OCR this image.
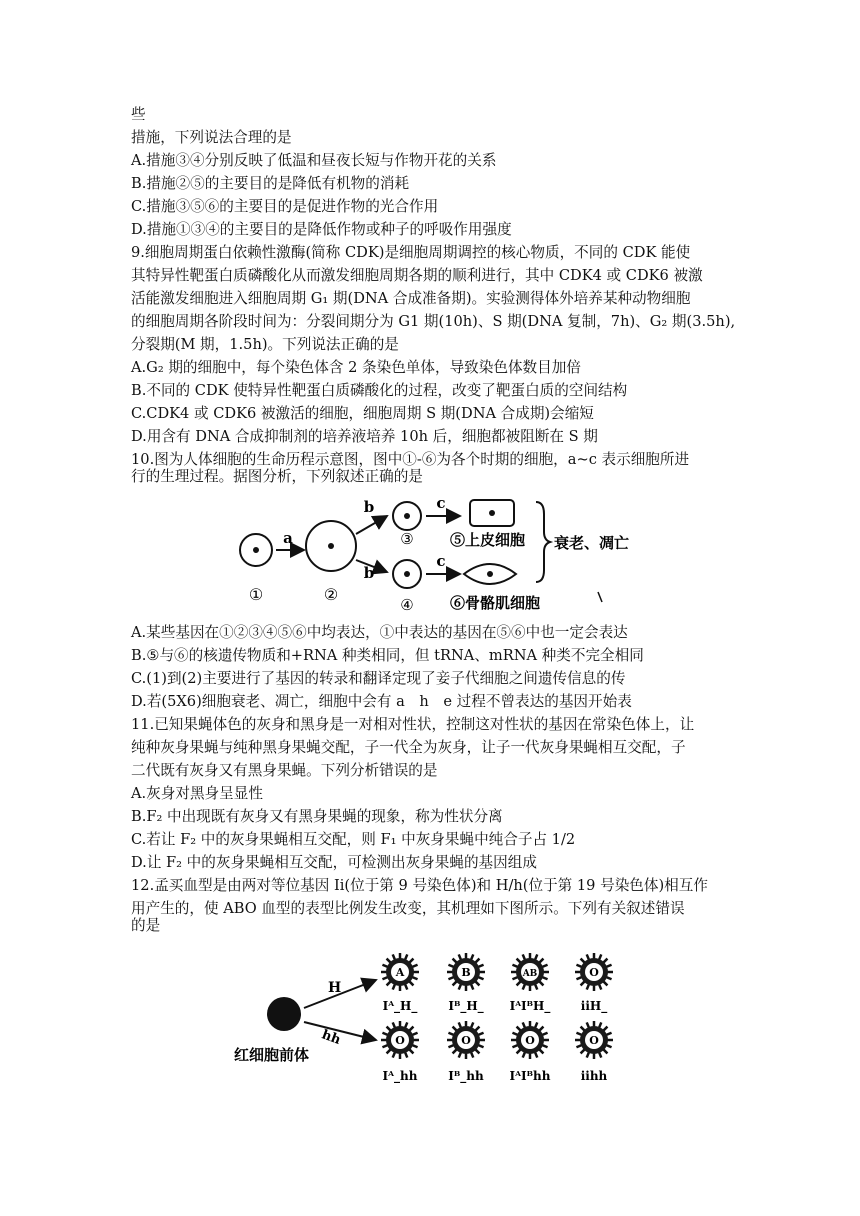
些
措施，下列说法合理的是
A.措施③④分别反映了低温和昼夜长短与作物开花的关系
B.措施②⑤的主要目的是降低有机物的消耗
C.措施③⑤⑥的主要目的是促进作物的光合作用
D.措施①③④的主要目的是降低作物或种子的呼吸作用强度
9.细胞周期蛋白依赖性激酶(简称 CDK)是细胞周期调控的核心物质，不同的 CDK 能使
其特异性靶蛋白质磷酸化从而激发细胞周期各期的顺利进行，其中 CDK4 或 CDK6 被激
活能激发细胞进入细胞周期 G₁ 期(DNA 合成准备期)。实验测得体外培养某种动物细胞
的细胞周期各阶段时间为：分裂间期分为 G1 期(10h)、S 期(DNA 复制，7h)、G₂ 期(3.5h),
分裂期(M 期，1.5h)。下列说法正确的是
A.G₂ 期的细胞中，每个染色体含 2 条染色单体，导致染色体数目加倍
B.不同的 CDK 使特异性靶蛋白质磷酸化的过程，改变了靶蛋白质的空间结构
C.CDK4 或 CDK6 被激活的细胞，细胞周期 S 期(DNA 合成期)会缩短
D.用含有 DNA 合成抑制剂的培养液培养 10h 后，细胞都被阻断在 S 期
10.图为人体细胞的生命历程示意图，图中①-⑥为各个时期的细胞，a~c 表示细胞所进
行的生理过程。据图分析，下列叙述正确的是
①
a
②
b
b
③
④
c
c
⑤上皮细胞
⑥骨骼肌细胞
衰老、凋亡
A.某些基因在①②③④⑤⑥中均表达，①中表达的基因在⑤⑥中也一定会表达
B.⑤与⑥的核遗传物质和+RNA 种类相同，但 tRNA、mRNA 种类不完全相同
C.(1)到(2)主要进行了基因的转录和翻译定现了妾子代细胞之间遗传信息的传
D.若(5X6)细胞衰老、凋亡，细胞中会有 a　h　e 过程不曾表达的基因开始表
11.已知果蝇体色的灰身和黑身是一对相对性状，控制这对性状的基因在常染色体上，让
纯种灰身果蝇与纯种黑身果蝇交配，子一代全为灰身，让子一代灰身果蝇相互交配，子
二代既有灰身又有黑身果蝇。下列分析错误的是
A.灰身对黑身呈显性
B.F₂ 中出现既有灰身又有黑身果蝇的现象，称为性状分离
C.若让 F₂ 中的灰身果蝇相互交配，则 F₁ 中灰身果蝇中纯合子占 1/2
D.让 F₂ 中的灰身果蝇相互交配，可检测出灰身果蝇的基因组成
12.孟买血型是由两对等位基因 Ii(位于第 9 号染色体)和 H/h(位于第 19 号染色体)相互作
用产生的，使 ABO 血型的表型比例发生改变，其机理如下图所示。下列有关叙述错误
的是
红细胞前体
H
hh
A
Iᴬ_H_
B
Iᴮ_H_
AB
IᴬIᴮH_
O
iiH_
O
Iᴬ_hh
O
Iᴮ_hh
O
IᴬIᴮhh
O
iihh
